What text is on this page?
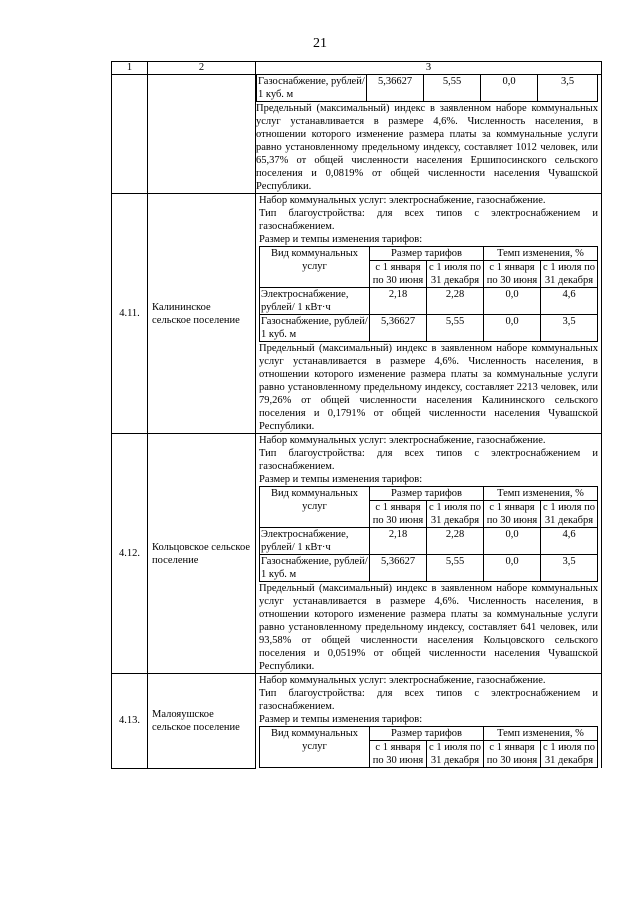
21
1	2	3

Газоснабжение, рублей/ 1 куб. м	5,36627	5,55	0,0	3,5

Предельный (максимальный) индекс в заявленном наборе коммунальных услуг устанавливается в размере 4,6%. Численность населения, в отношении которого изменение размера платы за коммунальные услуги равно установленному предельному индексу, составляет 1012 человек, или 65,37% от общей численности населения Ершипосинского сельского поселения и 0,0819% от общей численности населения Чувашской Республики.

4.11.	Калининское сельское поселение	
Набор коммунальных услуг: электроснабжение, газоснабжение.
Тип благоустройства: для всех типов с электроснабжением и газоснабжением.
Размер и темпы изменения тарифов:
Вид коммунальных услуг	Размер тарифов	Темп изменения, %
с 1 января по 30 июня	с 1 июля по 31 декабря	с 1 января по 30 июня	с 1 июля по 31 декабря
Электроснабжение, рублей/ 1 кВт·ч	2,18	2,28	0,0	4,6
Газоснабжение, рублей/ 1 куб. м	5,36627	5,55	0,0	3,5

Предельный (максимальный) индекс в заявленном наборе коммунальных услуг устанавливается в размере 4,6%. Численность населения, в отношении которого изменение размера платы за коммунальные услуги равно установленному предельному индексу, составляет 2213 человек, или 79,26% от общей численности населения Калининского сельского поселения и 0,1791% от общей численности населения Чувашской Республики.

4.12.	Кольцовское сельское поселение	
Набор коммунальных услуг: электроснабжение, газоснабжение.
Тип благоустройства: для всех типов с электроснабжением и газоснабжением.
Размер и темпы изменения тарифов:
Вид коммунальных услуг	Размер тарифов	Темп изменения, %
с 1 января по 30 июня	с 1 июля по 31 декабря	с 1 января по 30 июня	с 1 июля по 31 декабря
Электроснабжение, рублей/ 1 кВт·ч	2,18	2,28	0,0	4,6
Газоснабжение, рублей/ 1 куб. м	5,36627	5,55	0,0	3,5

Предельный (максимальный) индекс в заявленном наборе коммунальных услуг устанавливается в размере 4,6%. Численность населения, в отношении которого изменение размера платы за коммунальные услуги равно установленному предельному индексу, составляет 641 человек, или 93,58% от общей численности населения Кольцовского сельского поселения и 0,0519% от общей численности населения Чувашской Республики.

4.13.	Малояушское сельское поселение	
Набор коммунальных услуг: электроснабжение, газоснабжение.
Тип благоустройства: для всех типов с электроснабжением и газоснабжением.
Размер и темпы изменения тарифов:
Вид коммунальных услуг	Размер тарифов	Темп изменения, %
с 1 января по 30 июня	с 1 июля по 31 декабря	с 1 января по 30 июня	с 1 июля по 31 декабря
